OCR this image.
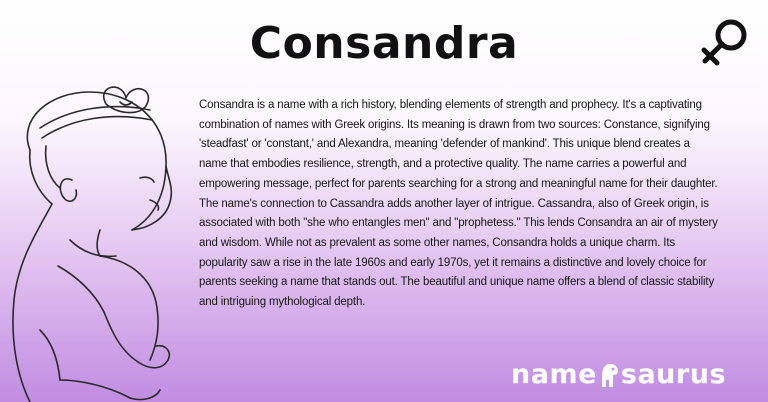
Consandra

Consandra is a name with a rich history, blending elements of strength and prophecy. It's a captivating combination of names with Greek origins. Its meaning is drawn from two sources: Constance, signifying 'steadfast' or 'constant,' and Alexandra, meaning 'defender of mankind'. This unique blend creates a name that embodies resilience, strength, and a protective quality. The name carries a powerful and empowering message, perfect for parents searching for a strong and meaningful name for their daughter. The name's connection to Cassandra adds another layer of intrigue. Cassandra, also of Greek origin, is associated with both "she who entangles men" and "prophetess." This lends Consandra an air of mystery and wisdom. While not as prevalent as some other names, Consandra holds a unique charm. Its popularity saw a rise in the late 1960s and early 1970s, yet it remains a distinctive and lovely choice for parents seeking a name that stands out. The beautiful and unique name offers a blend of classic stability and intriguing mythological depth.

name saurus
